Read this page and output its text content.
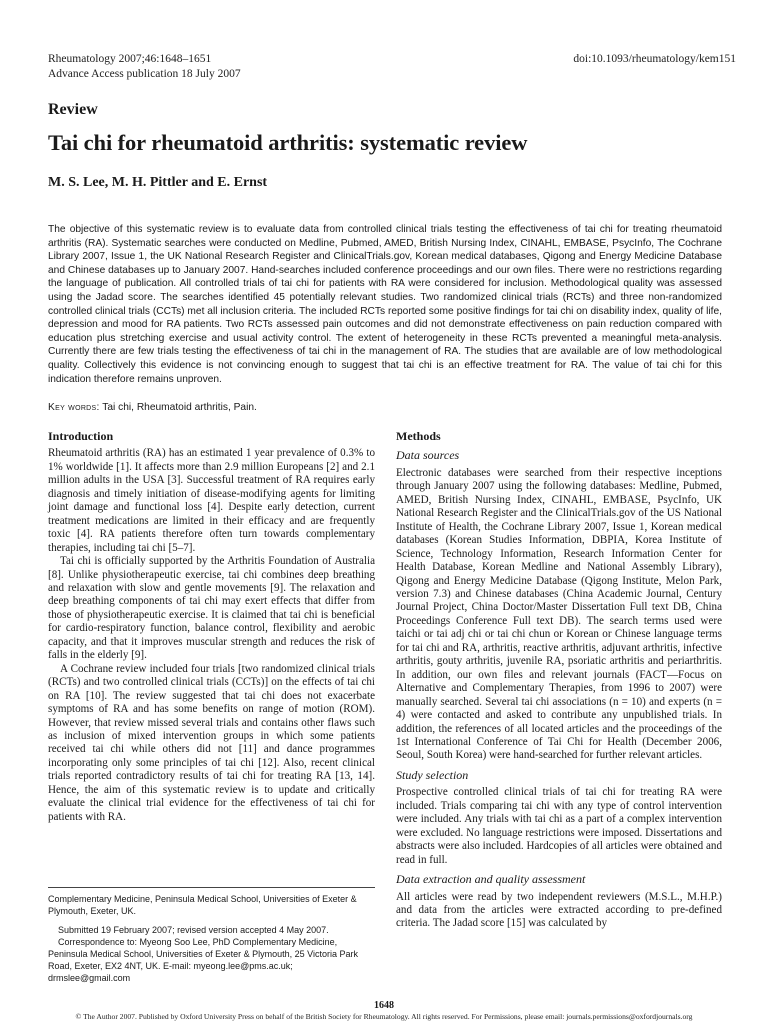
Rheumatology 2007;46:1648–1651
Advance Access publication 18 July 2007
doi:10.1093/rheumatology/kem151
Review
Tai chi for rheumatoid arthritis: systematic review
M. S. Lee, M. H. Pittler and E. Ernst
The objective of this systematic review is to evaluate data from controlled clinical trials testing the effectiveness of tai chi for treating rheumatoid arthritis (RA). Systematic searches were conducted on Medline, Pubmed, AMED, British Nursing Index, CINAHL, EMBASE, PsycInfo, The Cochrane Library 2007, Issue 1, the UK National Research Register and ClinicalTrials.gov, Korean medical databases, Qigong and Energy Medicine Database and Chinese databases up to January 2007. Hand-searches included conference proceedings and our own files. There were no restrictions regarding the language of publication. All controlled trials of tai chi for patients with RA were considered for inclusion. Methodological quality was assessed using the Jadad score. The searches identified 45 potentially relevant studies. Two randomized clinical trials (RCTs) and three non-randomized controlled clinical trials (CCTs) met all inclusion criteria. The included RCTs reported some positive findings for tai chi on disability index, quality of life, depression and mood for RA patients. Two RCTs assessed pain outcomes and did not demonstrate effectiveness on pain reduction compared with education plus stretching exercise and usual activity control. The extent of heterogeneity in these RCTs prevented a meaningful meta-analysis. Currently there are few trials testing the effectiveness of tai chi in the management of RA. The studies that are available are of low methodological quality. Collectively this evidence is not convincing enough to suggest that tai chi is an effective treatment for RA. The value of tai chi for this indication therefore remains unproven.
Key words: Tai chi, Rheumatoid arthritis, Pain.
Introduction

Rheumatoid arthritis (RA) has an estimated 1 year prevalence of 0.3% to 1% worldwide [1]. It affects more than 2.9 million Europeans [2] and 2.1 million adults in the USA [3]. Successful treatment of RA requires early diagnosis and timely initiation of disease-modifying agents for limiting joint damage and functional loss [4]. Despite early detection, current treatment medications are limited in their efficacy and are frequently toxic [4]. RA patients therefore often turn towards complementary therapies, including tai chi [5–7].

Tai chi is officially supported by the Arthritis Foundation of Australia [8]. Unlike physiotherapeutic exercise, tai chi combines deep breathing and relaxation with slow and gentle movements [9]. The relaxation and deep breathing components of tai chi may exert effects that differ from those of physiotherapeutic exercise. It is claimed that tai chi is beneficial for cardio-respiratory function, balance control, flexibility and aerobic capacity, and that it improves muscular strength and reduces the risk of falls in the elderly [9].

A Cochrane review included four trials [two randomized clinical trials (RCTs) and two controlled clinical trials (CCTs)] on the effects of tai chi on RA [10]. The review suggested that tai chi does not exacerbate symptoms of RA and has some benefits on range of motion (ROM). However, that review missed several trials and contains other flaws such as inclusion of mixed intervention groups in which some patients received tai chi while others did not [11] and dance programmes incorporating only some principles of tai chi [12]. Also, recent clinical trials reported contradictory results of tai chi for treating RA [13, 14]. Hence, the aim of this systematic review is to update and critically evaluate the clinical trial evidence for the effectiveness of tai chi for patients with RA.

Methods
Data sources

Electronic databases were searched from their respective inceptions through January 2007 using the following databases: Medline, Pubmed, AMED, British Nursing Index, CINAHL, EMBASE, PsycInfo, UK National Research Register and the ClinicalTrials.gov of the US National Institute of Health, the Cochrane Library 2007, Issue 1, Korean medical databases (Korean Studies Information, DBPIA, Korea Institute of Science, Technology Information, Research Information Center for Health Database, Korean Medline and National Assembly Library), Qigong and Energy Medicine Database (Qigong Institute, Melon Park, version 7.3) and Chinese databases (China Academic Journal, Century Journal Project, China Doctor/Master Dissertation Full text DB, China Proceedings Conference Full text DB). The search terms used were taichi or tai adj chi or tai chi chun or Korean or Chinese language terms for tai chi and RA, arthritis, reactive arthritis, adjuvant arthritis, infective arthritis, gouty arthritis, juvenile RA, psoriatic arthritis and periarthritis. In addition, our own files and relevant journals (FACT—Focus on Alternative and Complementary Therapies, from 1996 to 2007) were manually searched. Several tai chi associations (n = 10) and experts (n = 4) were contacted and asked to contribute any unpublished trials. In addition, the references of all located articles and the proceedings of the 1st International Conference of Tai Chi for Health (December 2006, Seoul, South Korea) were hand-searched for further relevant articles.

Study selection

Prospective controlled clinical trials of tai chi for treating RA were included. Trials comparing tai chi with any type of control intervention were included. Any trials with tai chi as a part of a complex intervention were excluded. No language restrictions were imposed. Dissertations and abstracts were also included. Hardcopies of all articles were obtained and read in full.

Data extraction and quality assessment

All articles were read by two independent reviewers (M.S.L., M.H.P.) and data from the articles were extracted according to pre-defined criteria. The Jadad score [15] was calculated by

Complementary Medicine, Peninsula Medical School, Universities of Exeter & Plymouth, Exeter, UK.

Submitted 19 February 2007; revised version accepted 4 May 2007.

Correspondence to: Myeong Soo Lee, PhD Complementary Medicine, Peninsula Medical School, Universities of Exeter & Plymouth, 25 Victoria Park Road, Exeter, EX2 4NT, UK. E-mail: myeong.lee@pms.ac.uk; drmslee@gmail.com

1648
© The Author 2007. Published by Oxford University Press on behalf of the British Society for Rheumatology. All rights reserved. For Permissions, please email: journals.permissions@oxfordjournals.org
